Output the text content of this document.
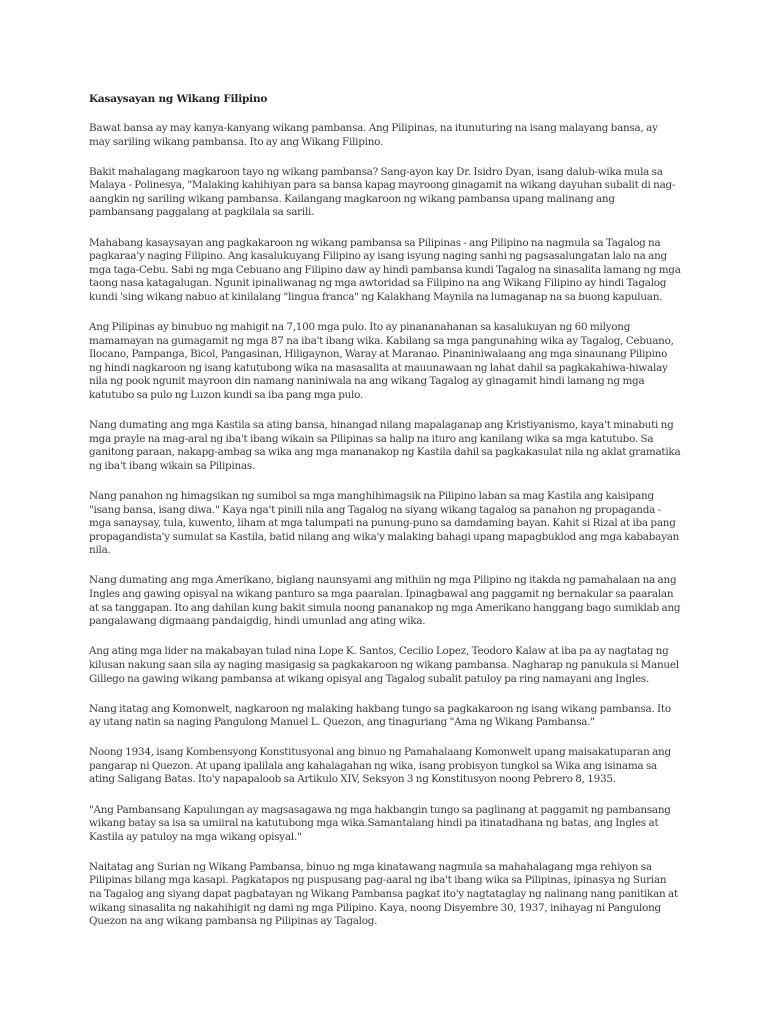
Kasaysayan ng Wikang Filipino

Bawat bansa ay may kanya-kanyang wikang pambansa. Ang Pilipinas, na itunuturing na isang malayang bansa, ay may sariling wikang pambansa. Ito ay ang Wikang Filipino.

Bakit mahalagang magkaroon tayo ng wikang pambansa? Sang-ayon kay Dr. Isidro Dyan, isang dalub-wika mula sa Malaya - Polinesya, "Malaking kahihiyan para sa bansa kapag mayroong ginagamit na wikang dayuhan subalit di nag-aangkin ng sariling wikang pambansa. Kailangang magkaroon ng wikang pambansa upang malinang ang pambansang paggalang at pagkilala sa sarili.

Mahabang kasaysayan ang pagkakaroon ng wikang pambansa sa Pilipinas - ang Pilipino na nagmula sa Tagalog na pagkaraa'y naging Filipino. Ang kasalukuyang Filipino ay isang isyung naging sanhi ng pagsasalungatan lalo na ang mga taga-Cebu. Sabi ng mga Cebuano ang Filipino daw ay hindi pambansa kundi Tagalog na sinasalita lamang ng mga taong nasa katagalugan. Ngunit ipinaliwanag ng mga awtoridad sa Filipino na ang Wikang Filipino ay hindi Tagalog kundi 'sing wikang nabuo at kinilalang "lingua franca" ng Kalakhang Maynila na lumaganap na sa buong kapuluan.

Ang Pilipinas ay binubuo ng mahigit na 7,100 mga pulo. Ito ay pinananahanan sa kasalukuyan ng 60 milyong mamamayan na gumagamit ng mga 87 na iba't ibang wika. Kabilang sa mga pangunahing wika ay Tagalog, Cebuano, Ilocano, Pampanga, Bicol, Pangasinan, Hiligaynon, Waray at Maranao. Pinaniniwalaang ang mga sinaunang Pilipino ng hindi nagkaroon ng isang katutubong wika na masasalita at mauunawaan ng lahat dahil sa pagkakahiwa-hiwalay nila ng pook ngunit mayroon din namang naniniwala na ang wikang Tagalog ay ginagamit hindi lamang ng mga katutubo sa pulo ng Luzon kundi sa iba pang mga pulo.

Nang dumating ang mga Kastila sa ating bansa, hinangad nilang mapalaganap ang Kristiyanismo, kaya't minabuti ng mga prayle na mag-aral ng iba't ibang wikain sa Pilipinas sa halip na ituro ang kanilang wika sa mga katutubo. Sa ganitong paraan, nakapg-ambag sa wika ang mga mananakop ng Kastila dahil sa pagkakasulat nila ng aklat gramatika ng iba't ibang wikain sa Pilipinas.

Nang panahon ng himagsikan ng sumibol sa mga manghihimagsik na Pilipino laban sa mag Kastila ang kaisipang "isang bansa, isang diwa." Kaya nga't pinili nila ang Tagalog na siyang wikang tagalog sa panahon ng propaganda - mga sanaysay, tula, kuwento, liham at mga talumpati na punung-puno sa damdaming bayan. Kahit si Rizal at iba pang propagandista'y sumulat sa Kastila, batid nilang ang wika'y malaking bahagi upang mapagbuklod ang mga kababayan nila.

Nang dumating ang mga Amerikano, biglang naunsyami ang mithiin ng mga Pilipino ng itakda ng pamahalaan na ang Ingles ang gawing opisyal na wikang panturo sa mga paaralan. Ipinagbawal ang paggamit ng bernakular sa paaralan at sa tanggapan. Ito ang dahilan kung bakit simula noong pananakop ng mga Amerikano hanggang bago sumiklab ang pangalawang digmaang pandaigdig, hindi umunlad ang ating wika.

Ang ating mga lider na makabayan tulad nina Lope K. Santos, Cecilio Lopez, Teodoro Kalaw at iba pa ay nagtatag ng kilusan nakung saan sila ay naging masigasig sa pagkakaroon ng wikang pambansa. Nagharap ng panukula si Manuel Gillego na gawing wikang pambansa at wikang opisyal ang Tagalog subalit patuloy pa ring namayani ang Ingles.

Nang itatag ang Komonwelt, nagkaroon ng malaking hakbang tungo sa pagkakaroon ng isang wikang pambansa. Ito ay utang natin sa naging Pangulong Manuel L. Quezon, ang tinaguriang "Ama ng Wikang Pambansa."

Noong 1934, isang Kombensyong Konstitusyonal ang binuo ng Pamahalaang Komonwelt upang maisakatuparan ang pangarap ni Quezon. At upang ipalilala ang kahalagahan ng wika, isang probisyon tungkol sa Wika ang isinama sa ating Saligang Batas. Ito'y napapaloob sa Artikulo XIV, Seksyon 3 ng Konstitusyon noong Pebrero 8, 1935.

"Ang Pambansang Kapulungan ay magsasagawa ng mga hakbangin tungo sa paglinang at paggamit ng pambansang wikang batay sa isa sa umiiral na katutubong mga wika.Samantalang hindi pa itinatadhana ng batas, ang Ingles at Kastila ay patuloy na mga wikang opisyal."

Naitatag ang Surian ng Wikang Pambansa, binuo ng mga kinatawang nagmula sa mahahalagang mga rehiyon sa Pilipinas bilang mga kasapi. Pagkatapos ng puspusang pag-aaral ng iba't ibang wika sa Pilipinas, ipinasya ng Surian na Tagalog ang siyang dapat pagbatayan ng Wikang Pambansa pagkat ito'y nagtataglay ng nalinang nang panitikan at wikang sinasalita ng nakahihigit ng dami ng mga Pilipino. Kaya, noong Disyembre 30, 1937, inihayag ni Pangulong Quezon na ang wikang pambansa ng Pilipinas ay Tagalog.
